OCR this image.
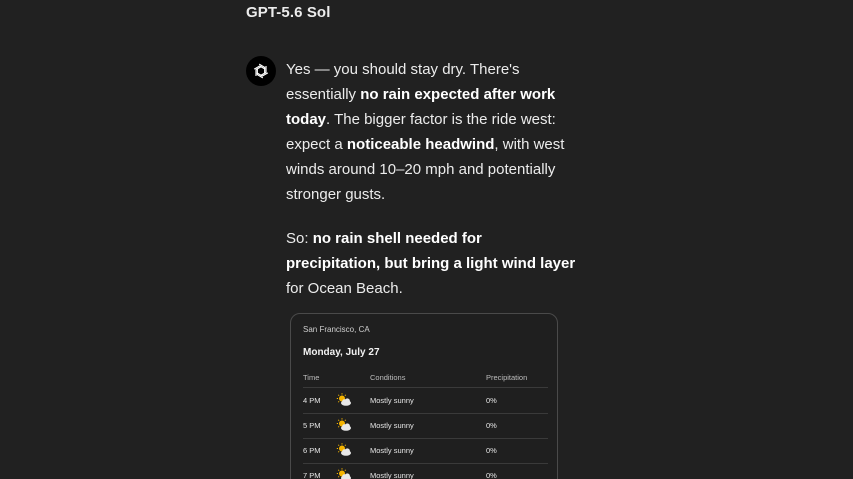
GPT-5.6 Sol

Yes — you should stay dry. There's essentially no rain expected after work today. The bigger factor is the ride west: expect a noticeable headwind, with west winds around 10–20 mph and potentially stronger gusts.

So: no rain shell needed for precipitation, but bring a light wind layer for Ocean Beach.

San Francisco, CA
Monday, July 27
Time	Conditions	Precipitation
4 PM	Mostly sunny	0%
5 PM	Mostly sunny	0%
6 PM	Mostly sunny	0%
7 PM	Mostly sunny	0%
